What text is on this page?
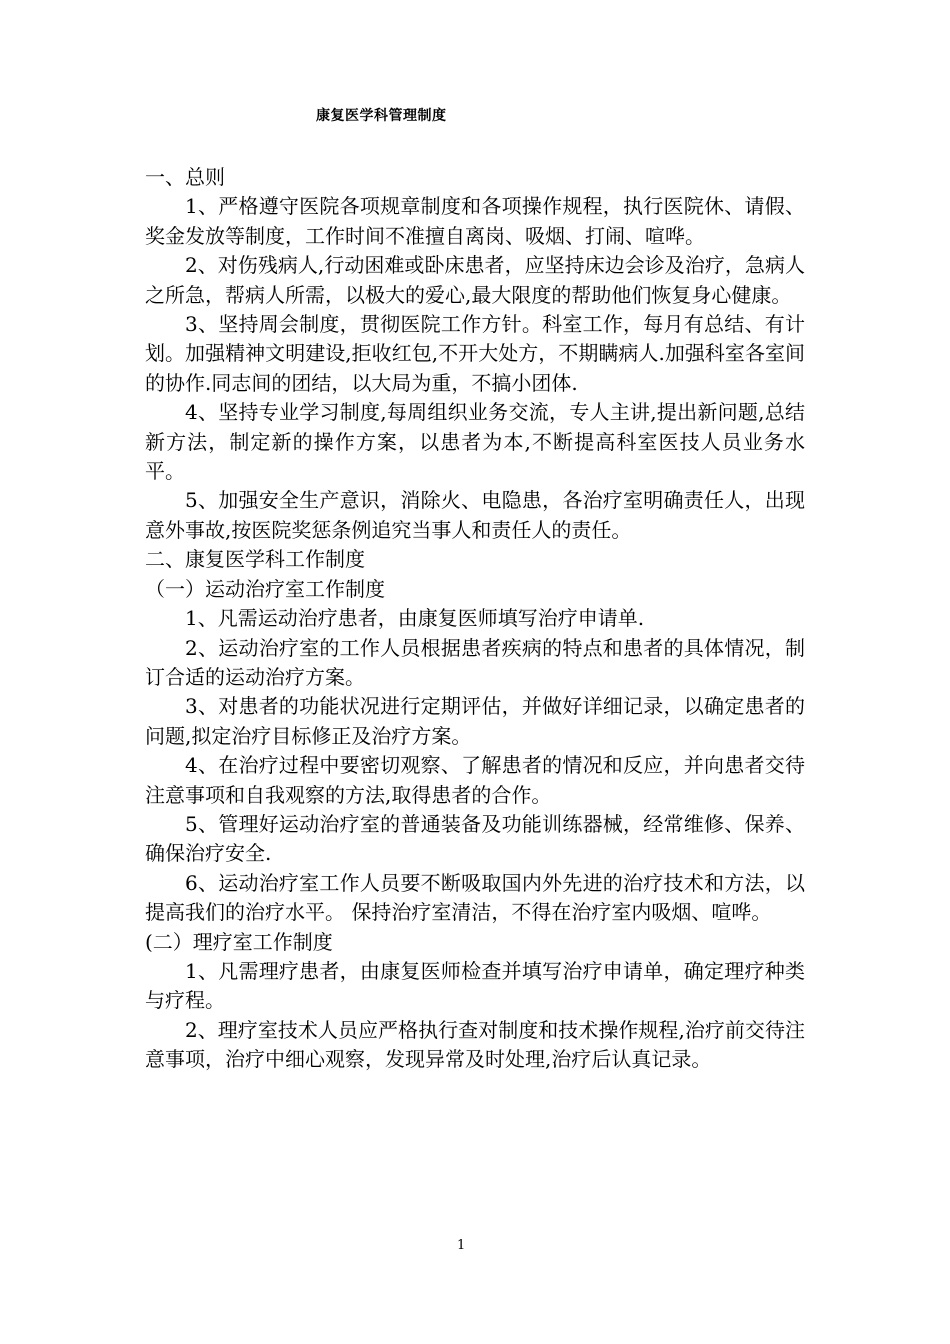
康复医学科管理制度

一、总则

1、严格遵守医院各项规章制度和各项操作规程，执行医院休、请假、奖金发放等制度，工作时间不准擅自离岗、吸烟、打闹、喧哗。

2、对伤残病人,行动困难或卧床患者，应坚持床边会诊及治疗，急病人之所急，帮病人所需，以极大的爱心,最大限度的帮助他们恢复身心健康。

3、坚持周会制度，贯彻医院工作方针。科室工作，每月有总结、有计划。加强精神文明建设,拒收红包,不开大处方，不期瞒病人.加强科室各室间的协作.同志间的团结，以大局为重，不搞小团体.

4、坚持专业学习制度,每周组织业务交流，专人主讲,提出新问题,总结新方法，制定新的操作方案，以患者为本,不断提高科室医技人员业务水平。

5、加强安全生产意识，消除火、电隐患，各治疗室明确责任人，出现意外事故,按医院奖惩条例追究当事人和责任人的责任。

二、康复医学科工作制度

（一）运动治疗室工作制度

1、凡需运动治疗患者，由康复医师填写治疗申请单.

2、运动治疗室的工作人员根据患者疾病的特点和患者的具体情况，制订合适的运动治疗方案。

3、对患者的功能状况进行定期评估，并做好详细记录，以确定患者的问题,拟定治疗目标修正及治疗方案。

4、在治疗过程中要密切观察、了解患者的情况和反应，并向患者交待注意事项和自我观察的方法,取得患者的合作。

5、管理好运动治疗室的普通装备及功能训练器械，经常维修、保养、确保治疗安全.

6、运动治疗室工作人员要不断吸取国内外先进的治疗技术和方法，以提高我们的治疗水平。 保持治疗室清洁，不得在治疗室内吸烟、喧哗。

(二）理疗室工作制度

1、凡需理疗患者，由康复医师检查并填写治疗申请单，确定理疗种类与疗程。

2、理疗室技术人员应严格执行查对制度和技术操作规程,治疗前交待注意事项，治疗中细心观察，发现异常及时处理,治疗后认真记录。

1
